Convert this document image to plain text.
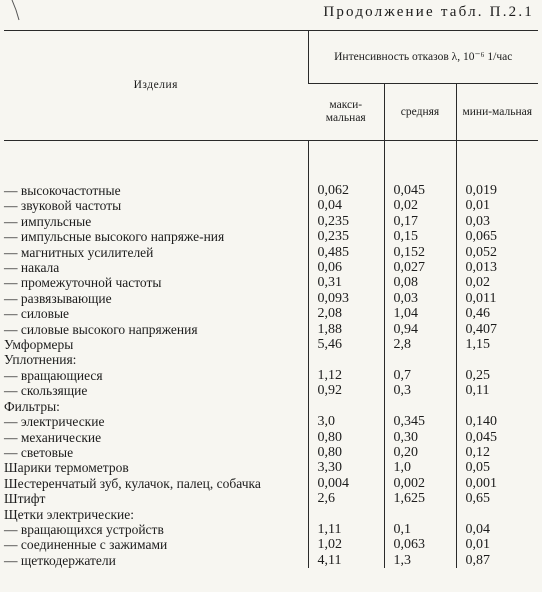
Продолжение табл. П.2.1
Изделия	Интенсивность отказов λ, 10⁻⁶ 1/час		
	макси-мальная	средняя	мини-мальная
— высокочастотные	0,062	0,045	0,019
— звуковой частоты	0,04	0,02	0,01
— импульсные	0,235	0,17	0,03
— импульсные высокого напряже-ния	0,235	0,15	0,065
— магнитных усилителей	0,485	0,152	0,052
— накала	0,06	0,027	0,013
— промежуточной частоты	0,31	0,08	0,02
— развязывающие	0,093	0,03	0,011
— силовые	2,08	1,04	0,46
— силовые высокого напряжения	1,88	0,94	0,407
Умформеры	5,46	2,8	1,15
Уплотнения:			
— вращающиеся	1,12	0,7	0,25
— скользящие	0,92	0,3	0,11
Фильтры:			
— электрические	3,0	0,345	0,140
— механические	0,80	0,30	0,045
— световые	0,80	0,20	0,12
Шарики термометров	3,30	1,0	0,05
Шестеренчатый зуб, кулачок, палец, собачка	0,004	0,002	0,001
Штифт	2,6	1,625	0,65
Щетки электрические:			
— вращающихся устройств	1,11	0,1	0,04
— соединенные с зажимами	1,02	0,063	0,01
— щеткодержатели	4,11	1,3	0,87
